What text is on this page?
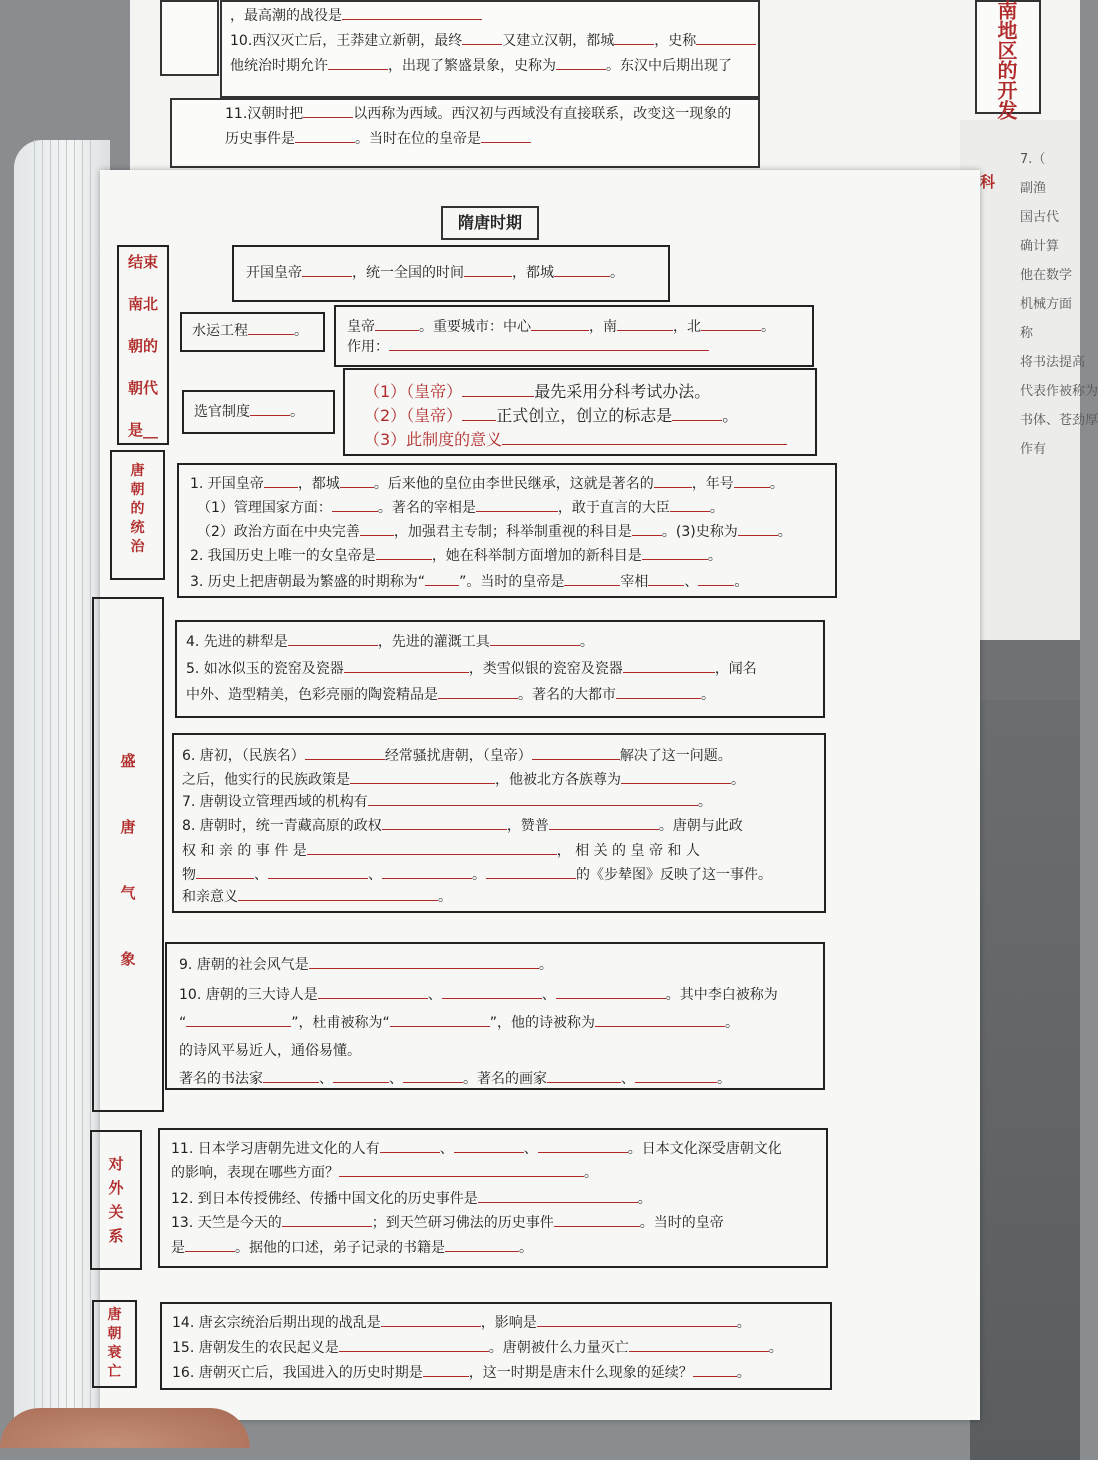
，最高潮的战役是
10.西汉灭亡后，王莽建立新朝，最终	又建立汉朝，都城	，史称
他统治时期允许	，出现了繁盛景象，史称为	。东汉中后期出现了
11.汉朝时把	以西称为西域。西汉初与西域没有直接联系，改变这一现象的
历史事件是	。当时在位的皇帝是
南地区的开发
科
7.（
副渔
国古代
确计算
他在数学
机械方面
称
将书法提高
代表作被称为
书体、苍劲厚
作有
隋唐时期
结束

南北

朝的

朝代

是__
唐
朝
的
统
治
盛
唐
气
象
对
外
关
系
唐
朝
衰
亡
开国皇帝	，统一全国的时间	，都城	。
水运工程	。	皇帝	。重要城市：中心	，南	，北	。
作用：
选官制度	。
（1）（皇帝）	最先采用分科考试办法。
（2）（皇帝） 正式创立，创立的标志是	。
（3）此制度的意义
1. 开国皇帝 ，都城 。后来他的皇位由李世民继承，这就是著名的	，年号	。
（1）管理国家方面：	。著名的宰相是	，敢于直言的大臣	。
（2）政治方面在中央完善 ，加强君主专制；科举制重视的科目是 。(3)史称为	。
2. 我国历史上唯一的女皇帝是	，她在科举制方面增加的新科目是	。
3. 历史上把唐朝最为繁盛的时期称为“ ”。当时的皇帝是	宰相	、	。
4. 先进的耕犁是	，先进的灌溉工具	。
5. 如冰似玉的瓷窑及瓷器	，类雪似银的瓷窑及瓷器	，闻名
中外、造型精美，色彩亮丽的陶瓷精品是	。著名的大都市	。
6. 唐初，（民族名）	经常骚扰唐朝，（皇帝）	解决了这一问题。
之后，他实行的民族政策是	，他被北方各族尊为	。
7. 唐朝设立管理西域的机构有	。
8. 唐朝时，统一青藏高原的政权	，赞普	。唐朝与此政
权 和 亲 的 事 件 是	， 相 关 的 皇 帝 和 人
物	、	、	。	的《步辇图》反映了这一事件。
和亲意义	。
9. 唐朝的社会风气是	。
10. 唐朝的三大诗人是	、	、	。其中李白被称为
“	”，杜甫被称为“	”，他的诗被称为	。
的诗风平易近人，通俗易懂。
著名的书法家	、	、	。著名的画家	、	。
11. 日本学习唐朝先进文化的人有	、	、	。日本文化深受唐朝文化
的影响，表现在哪些方面？	。
12. 到日本传授佛经、传播中国文化的历史事件是	。
13. 天竺是今天的	；到天竺研习佛法的历史事件	。当时的皇帝
是	。据他的口述，弟子记录的书籍是	。
14. 唐玄宗统治后期出现的战乱是	，影响是	。
15. 唐朝发生的农民起义是	。唐朝被什么力量灭亡	。
16. 唐朝灭亡后，我国进入的历史时期是	，这一时期是唐末什么现象的延续？	。
